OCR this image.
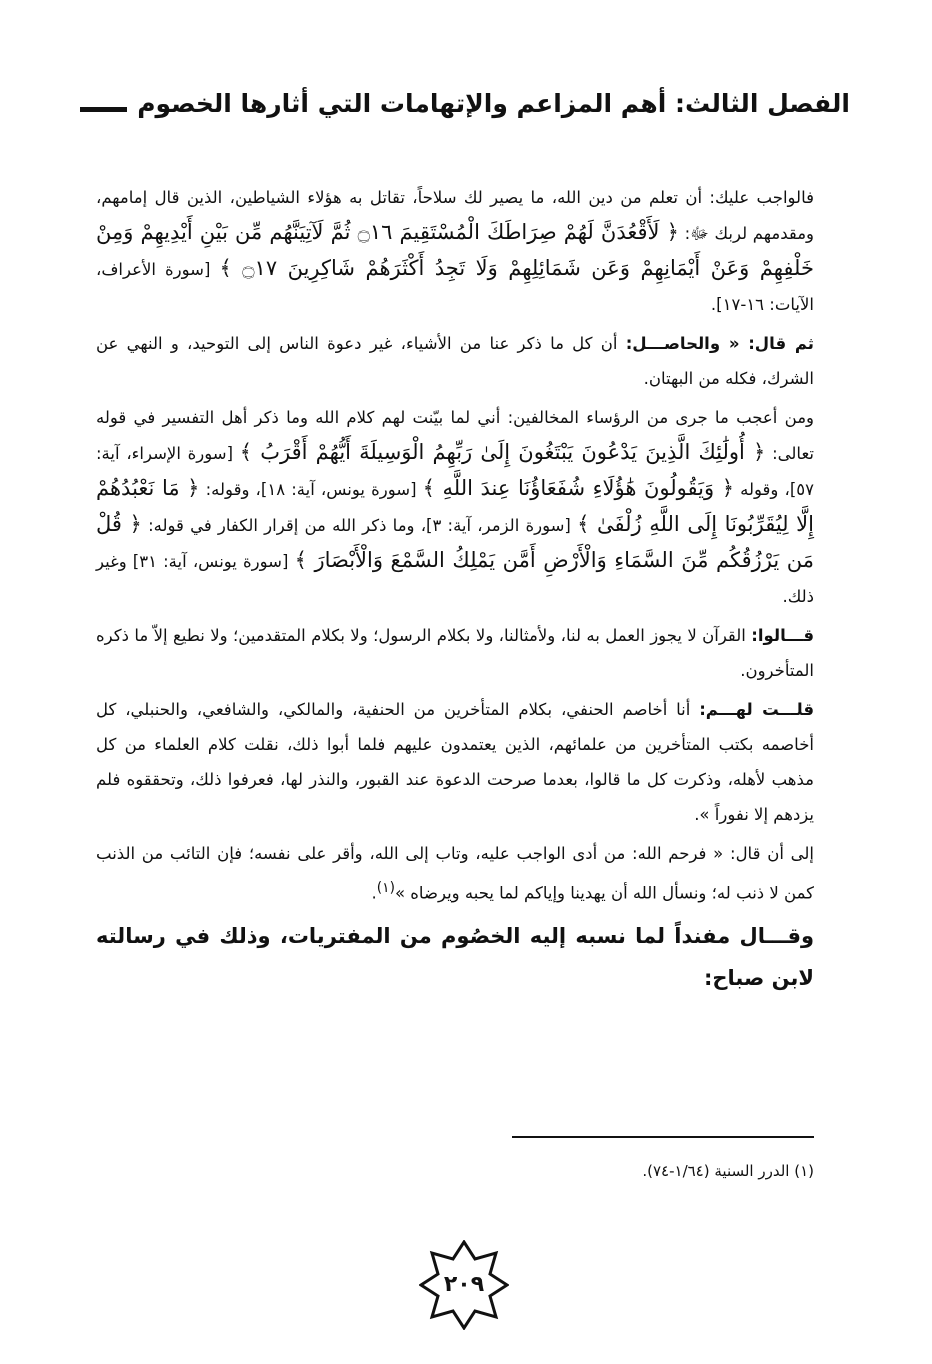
الفصل الثالث: أهم المزاعم والإتهامات التي أثارها الخصوم

فالواجب عليك: أن تعلم من دين الله، ما يصير لك سلاحاً، تقاتل به هؤلاء الشياطين، الذين قال إمامهم، ومقدمهم لربك ﷻ: ﴿ لَأَقْعُدَنَّ لَهُمْ صِرَاطَكَ الْمُسْتَقِيمَ ۝١٦ ثُمَّ لَآتِيَنَّهُم مِّن بَيْنِ أَيْدِيهِمْ وَمِنْ خَلْفِهِمْ وَعَنْ أَيْمَانِهِمْ وَعَن شَمَائِلِهِمْ وَلَا تَجِدُ أَكْثَرَهُمْ شَاكِرِينَ ۝١٧ ﴾ [سورة الأعراف، الآيات: ١٦-١٧].

ثم قال: « والحاصـــل: أن كل ما ذكر عنا من الأشياء، غير دعوة الناس إلى التوحيد، و النهي عن الشرك، فكله من البهتان.

ومن أعجب ما جرى من الرؤساء المخالفين: أني لما بيّنت لهم كلام الله وما ذكر أهل التفسير في قوله تعالى: ﴿ أُولَٰئِكَ الَّذِينَ يَدْعُونَ يَبْتَغُونَ إِلَىٰ رَبِّهِمُ الْوَسِيلَةَ أَيُّهُمْ أَقْرَبُ ﴾ [سورة الإسراء، آية: ٥٧]، وقوله ﴿ وَيَقُولُونَ هَٰؤُلَاءِ شُفَعَاؤُنَا عِندَ اللَّهِ ﴾ [سورة يونس، آية: ١٨]، وقوله: ﴿ مَا نَعْبُدُهُمْ إِلَّا لِيُقَرِّبُونَا إِلَى اللَّهِ زُلْفَىٰ ﴾ [سورة الزمر، آية: ٣]، وما ذكر الله من إقرار الكفار في قوله: ﴿ قُلْ مَن يَرْزُقُكُم مِّنَ السَّمَاءِ وَالْأَرْضِ أَمَّن يَمْلِكُ السَّمْعَ وَالْأَبْصَارَ ﴾ [سورة يونس، آية: ٣١] وغير ذلك.

قـــالوا: القرآن لا يجوز العمل به لنا، ولأمثالنا، ولا بكلام الرسول؛ ولا بكلام المتقدمين؛ ولا نطيع إلاّ ما ذكره المتأخرون.

قلـــت لهـــم: أنا أخاصم الحنفي، بكلام المتأخرين من الحنفية، والمالكي، والشافعي، والحنبلي، كل أخاصمه بكتب المتأخرين من علمائهم، الذين يعتمدون عليهم فلما أبوا ذلك، نقلت كلام العلماء من كل مذهب لأهله، وذكرت كل ما قالوا، بعدما صرحت الدعوة عند القبور، والنذر لها، فعرفوا ذلك، وتحققوه فلم يزدهم إلا نفوراً ».

إلى أن قال: « فرحم الله: من أدى الواجب عليه، وتاب إلى الله، وأقر على نفسه؛ فإن التائب من الذنب كمن لا ذنب له؛ ونسأل الله أن يهدينا وإياكم لما يحبه ويرضاه »$^{(١)}$.

وقـــال مفنداً لما نسبه إليه الخصُوم من المفتريات، وذلك في رسالته لابن صباح:

(١) الدرر السنية (١/٦٤-٧٤).
٢٠٩
